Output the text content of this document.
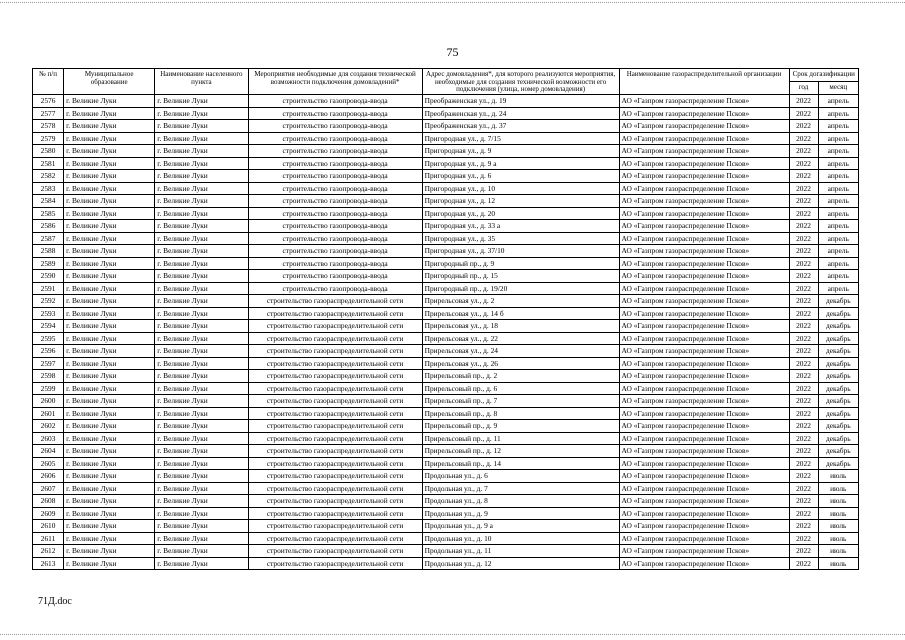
75
№ п/п	Муниципальное образование	Наименование населенного пункта	Мероприятия необходимые для создания технической возможности подключения домовладений*	Адрес домовладения*, для которого реализуются мероприятия, необходимые для создания технической возможности его подключения (улица, номер домовладения)	Наименование газораспределительной организации	Срок догазификации	
						год	месяц
2576	г. Великие Луки	г. Великие Луки	строительство газопровода-ввода	Преображенская ул., д. 19	АО «Газпром газораспределение Псков»	2022	апрель
2577	г. Великие Луки	г. Великие Луки	строительство газопровода-ввода	Преображенская ул., д. 24	АО «Газпром газораспределение Псков»	2022	апрель
2578	г. Великие Луки	г. Великие Луки	строительство газопровода-ввода	Преображенская ул., д. 37	АО «Газпром газораспределение Псков»	2022	апрель
2579	г. Великие Луки	г. Великие Луки	строительство газопровода-ввода	Пригородная ул., д. 7/15	АО «Газпром газораспределение Псков»	2022	апрель
2580	г. Великие Луки	г. Великие Луки	строительство газопровода-ввода	Пригородная ул., д. 9	АО «Газпром газораспределение Псков»	2022	апрель
2581	г. Великие Луки	г. Великие Луки	строительство газопровода-ввода	Пригородная ул., д. 9 а	АО «Газпром газораспределение Псков»	2022	апрель
2582	г. Великие Луки	г. Великие Луки	строительство газопровода-ввода	Пригородная ул., д. 6	АО «Газпром газораспределение Псков»	2022	апрель
2583	г. Великие Луки	г. Великие Луки	строительство газопровода-ввода	Пригородная ул., д. 10	АО «Газпром газораспределение Псков»	2022	апрель
2584	г. Великие Луки	г. Великие Луки	строительство газопровода-ввода	Пригородная ул., д. 12	АО «Газпром газораспределение Псков»	2022	апрель
2585	г. Великие Луки	г. Великие Луки	строительство газопровода-ввода	Пригородная ул., д. 20	АО «Газпром газораспределение Псков»	2022	апрель
2586	г. Великие Луки	г. Великие Луки	строительство газопровода-ввода	Пригородная ул., д. 33 а	АО «Газпром газораспределение Псков»	2022	апрель
2587	г. Великие Луки	г. Великие Луки	строительство газопровода-ввода	Пригородная ул., д. 35	АО «Газпром газораспределение Псков»	2022	апрель
2588	г. Великие Луки	г. Великие Луки	строительство газопровода-ввода	Пригородная ул., д. 37/10	АО «Газпром газораспределение Псков»	2022	апрель
2589	г. Великие Луки	г. Великие Луки	строительство газопровода-ввода	Пригородный пр., д. 9	АО «Газпром газораспределение Псков»	2022	апрель
2590	г. Великие Луки	г. Великие Луки	строительство газопровода-ввода	Пригородный пр., д. 15	АО «Газпром газораспределение Псков»	2022	апрель
2591	г. Великие Луки	г. Великие Луки	строительство газопровода-ввода	Пригородный пр., д. 19/20	АО «Газпром газораспределение Псков»	2022	апрель
2592	г. Великие Луки	г. Великие Луки	строительство газораспределительной сети	Прирельсовая ул., д. 2	АО «Газпром газораспределение Псков»	2022	декабрь
2593	г. Великие Луки	г. Великие Луки	строительство газораспределительной сети	Прирельсовая ул., д. 14 б	АО «Газпром газораспределение Псков»	2022	декабрь
2594	г. Великие Луки	г. Великие Луки	строительство газораспределительной сети	Прирельсовая ул., д. 18	АО «Газпром газораспределение Псков»	2022	декабрь
2595	г. Великие Луки	г. Великие Луки	строительство газораспределительной сети	Прирельсовая ул., д. 22	АО «Газпром газораспределение Псков»	2022	декабрь
2596	г. Великие Луки	г. Великие Луки	строительство газораспределительной сети	Прирельсовая ул., д. 24	АО «Газпром газораспределение Псков»	2022	декабрь
2597	г. Великие Луки	г. Великие Луки	строительство газораспределительной сети	Прирельсовая ул., д. 26	АО «Газпром газораспределение Псков»	2022	декабрь
2598	г. Великие Луки	г. Великие Луки	строительство газораспределительной сети	Прирельсовый пр., д. 2	АО «Газпром газораспределение Псков»	2022	декабрь
2599	г. Великие Луки	г. Великие Луки	строительство газораспределительной сети	Прирельсовый пр., д. 6	АО «Газпром газораспределение Псков»	2022	декабрь
2600	г. Великие Луки	г. Великие Луки	строительство газораспределительной сети	Прирельсовый пр., д. 7	АО «Газпром газораспределение Псков»	2022	декабрь
2601	г. Великие Луки	г. Великие Луки	строительство газораспределительной сети	Прирельсовый пр., д. 8	АО «Газпром газораспределение Псков»	2022	декабрь
2602	г. Великие Луки	г. Великие Луки	строительство газораспределительной сети	Прирельсовый пр., д. 9	АО «Газпром газораспределение Псков»	2022	декабрь
2603	г. Великие Луки	г. Великие Луки	строительство газораспределительной сети	Прирельсовый пр., д. 11	АО «Газпром газораспределение Псков»	2022	декабрь
2604	г. Великие Луки	г. Великие Луки	строительство газораспределительной сети	Прирельсовый пр., д. 12	АО «Газпром газораспределение Псков»	2022	декабрь
2605	г. Великие Луки	г. Великие Луки	строительство газораспределительной сети	Прирельсовый пр., д. 14	АО «Газпром газораспределение Псков»	2022	декабрь
2606	г. Великие Луки	г. Великие Луки	строительство газораспределительной сети	Продольная ул., д. 6	АО «Газпром газораспределение Псков»	2022	июль
2607	г. Великие Луки	г. Великие Луки	строительство газораспределительной сети	Продольная ул., д. 7	АО «Газпром газораспределение Псков»	2022	июль
2608	г. Великие Луки	г. Великие Луки	строительство газораспределительной сети	Продольная ул., д. 8	АО «Газпром газораспределение Псков»	2022	июль
2609	г. Великие Луки	г. Великие Луки	строительство газораспределительной сети	Продольная ул., д. 9	АО «Газпром газораспределение Псков»	2022	июль
2610	г. Великие Луки	г. Великие Луки	строительство газораспределительной сети	Продольная ул., д. 9 а	АО «Газпром газораспределение Псков»	2022	июль
2611	г. Великие Луки	г. Великие Луки	строительство газораспределительной сети	Продольная ул., д. 10	АО «Газпром газораспределение Псков»	2022	июль
2612	г. Великие Луки	г. Великие Луки	строительство газораспределительной сети	Продольная ул., д. 11	АО «Газпром газораспределение Псков»	2022	июль
2613	г. Великие Луки	г. Великие Луки	строительство газораспределительной сети	Продольная ул., д. 12	АО «Газпром газораспределение Псков»	2022	июль
71Д.doc
